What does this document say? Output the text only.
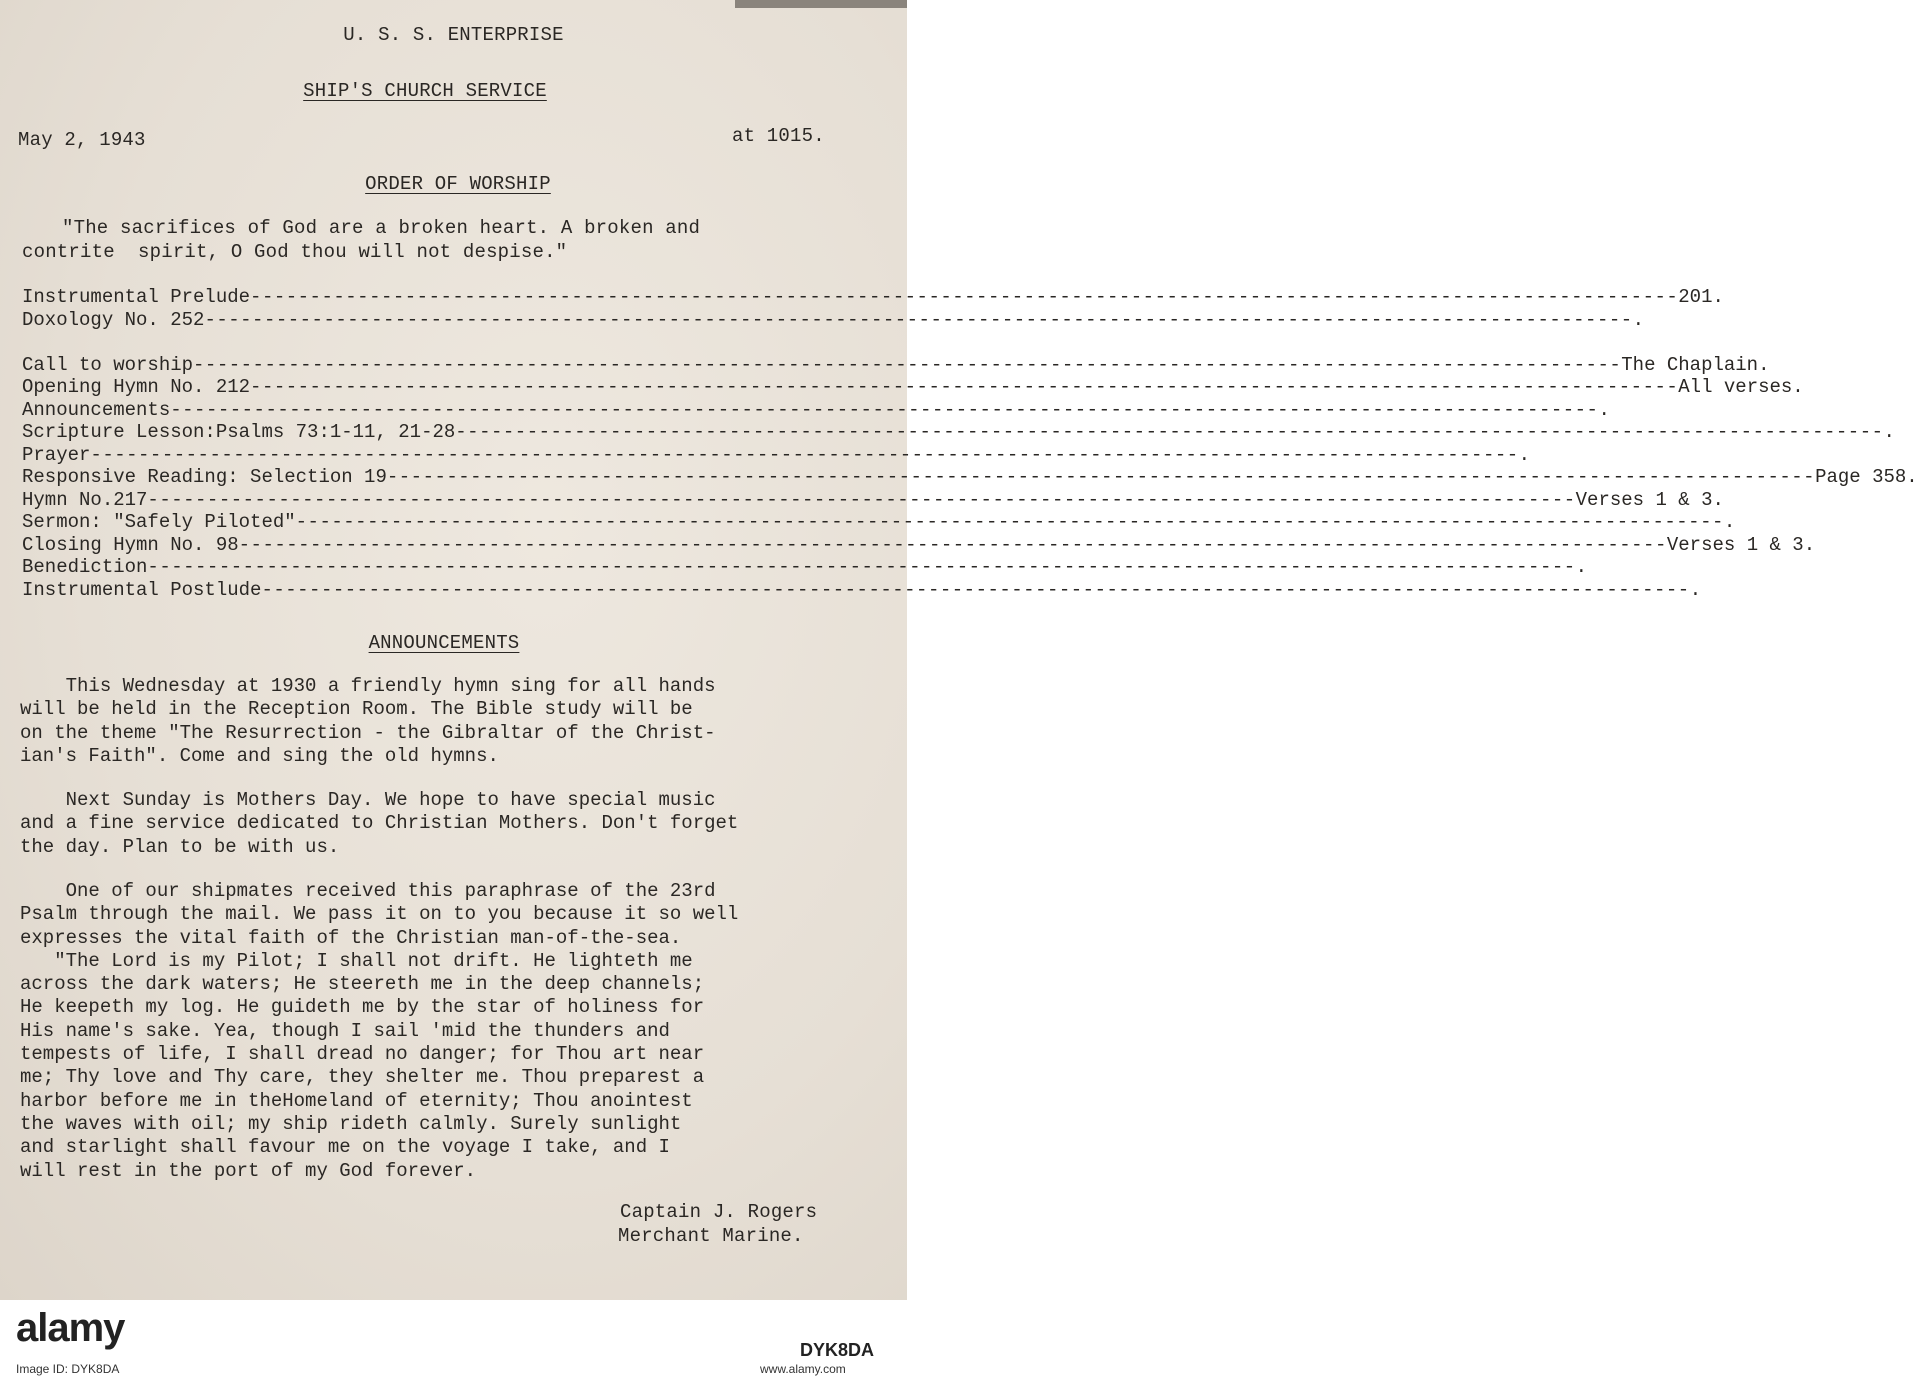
U. S. S. ENTERPRISE
SHIP'S CHURCH SERVICE
May 2, 1943	at 1015.
ORDER OF WORSHIP
"The sacrifices of God are a broken heart. A broken and
contrite  spirit, O God thou will not despise."
Instrumental Prelude ------------------------------------------------------------------------------------------------------------------------ 201.
Doxology No. 252 ------------------------------------------------------------------------------------------------------------------------ .
Call to worship ------------------------------------------------------------------------------------------------------------------------ The Chaplain.
Opening Hymn No. 212 ------------------------------------------------------------------------------------------------------------------------ All verses.
Announcements ------------------------------------------------------------------------------------------------------------------------ .
Scripture Lesson:Psalms 73:1-11, 21-28 ------------------------------------------------------------------------------------------------------------------------ .
Prayer ------------------------------------------------------------------------------------------------------------------------ .
Responsive Reading: Selection 19 ------------------------------------------------------------------------------------------------------------------------ Page 358.
Hymn No.217 ------------------------------------------------------------------------------------------------------------------------ Verses 1 & 3.
Sermon: "Safely Piloted" ------------------------------------------------------------------------------------------------------------------------ .
Closing Hymn No. 98 ------------------------------------------------------------------------------------------------------------------------ Verses 1 & 3.
Benediction ------------------------------------------------------------------------------------------------------------------------ .
Instrumental Postlude ------------------------------------------------------------------------------------------------------------------------ .
ANNOUNCEMENTS
This Wednesday at 1930 a friendly hymn sing for all hands
will be held in the Reception Room. The Bible study will be
on the theme "The Resurrection - the Gibraltar of the Christ-
ian's Faith". Come and sing the old hymns.
Next Sunday is Mothers Day. We hope to have special music
and a fine service dedicated to Christian Mothers. Don't forget
the day. Plan to be with us.
One of our shipmates received this paraphrase of the 23rd
Psalm through the mail. We pass it on to you because it so well
expresses the vital faith of the Christian man-of-the-sea.
"The Lord is my Pilot; I shall not drift. He lighteth me
across the dark waters; He steereth me in the deep channels;
He keepeth my log. He guideth me by the star of holiness for
His name's sake. Yea, though I sail 'mid the thunders and
tempests of life, I shall dread no danger; for Thou art near
me; Thy love and Thy care, they shelter me. Thou preparest a
harbor before me in theHomeland of eternity; Thou anointest
the waves with oil; my ship rideth calmly. Surely sunlight
and starlight shall favour me on the voyage I take, and I
will rest in the port of my God forever.
Captain J. Rogers
Merchant Marine.
alamy	DYK8DA
Image ID: DYK8DA	www.alamy.com
